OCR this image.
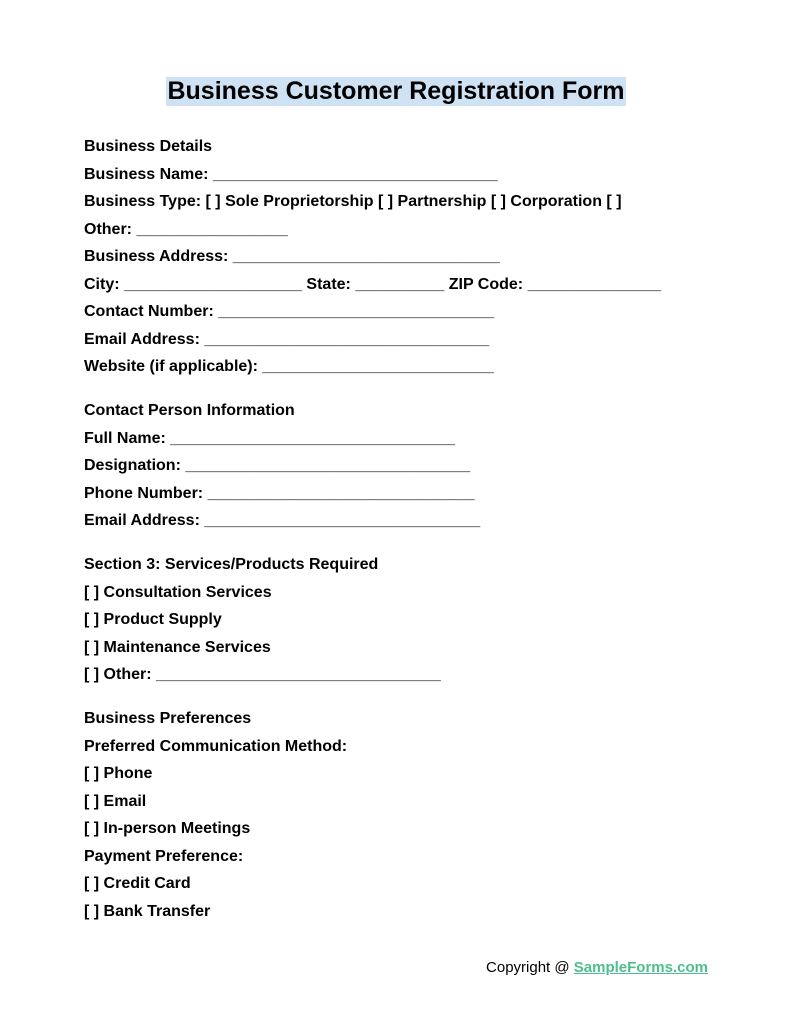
Business Customer Registration Form
Business Details
Business Name: ________________________________
Business Type: [ ] Sole Proprietorship [ ] Partnership [ ] Corporation [ ]
Other: _________________
Business Address: ______________________________
City: ____________________ State: __________ ZIP Code: _______________
Contact Number: _______________________________
Email Address: ________________________________
Website (if applicable): __________________________
Contact Person Information
Full Name: ________________________________
Designation: ________________________________
Phone Number: ______________________________
Email Address: _______________________________
Section 3: Services/Products Required
[ ] Consultation Services
[ ] Product Supply
[ ] Maintenance Services
[ ] Other: ________________________________
Business Preferences
Preferred Communication Method:
[ ] Phone
[ ] Email
[ ] In-person Meetings
Payment Preference:
[ ] Credit Card
[ ] Bank Transfer
Copyright @ SampleForms.com
